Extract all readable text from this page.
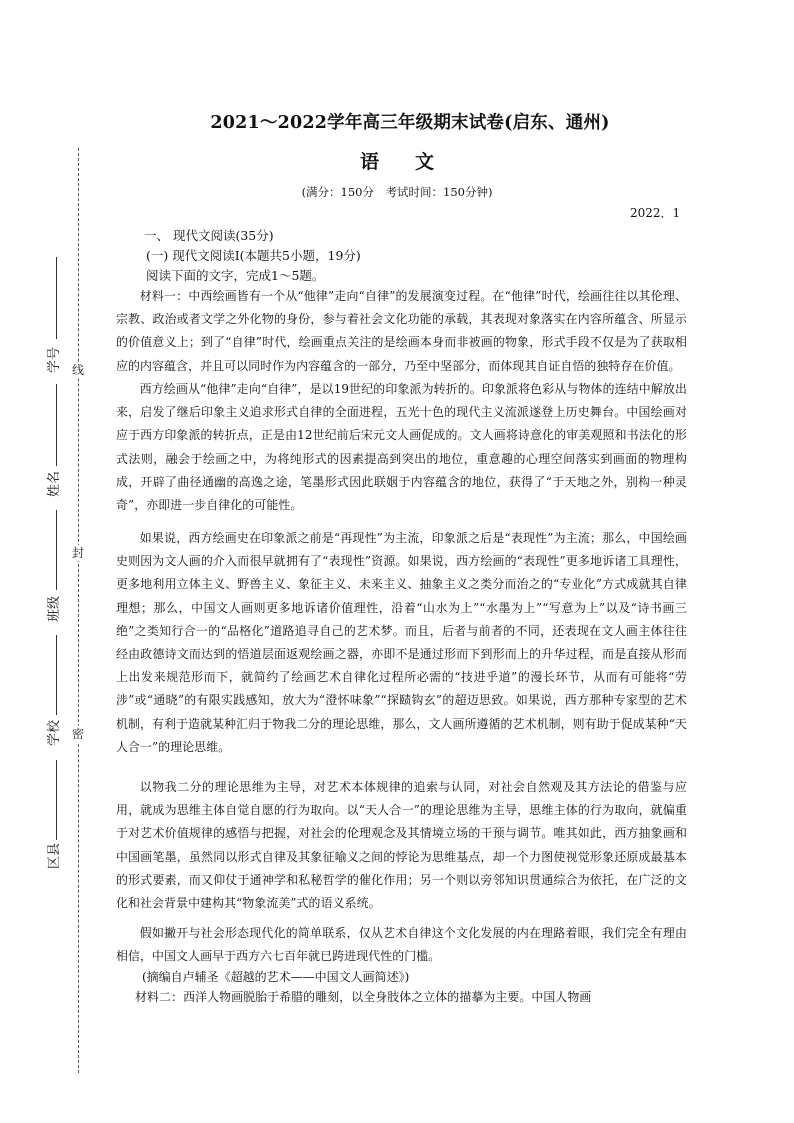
线
封
密
学号
姓名
班级
学校
区县
2021～2022学年高三年级期末试卷(启东、通州)
语文
(满分：150分　考试时间：150分钟)
2022．1
一、 现代文阅读(35分)
(一) 现代文阅读Ⅰ(本题共5小题，19分)
阅读下面的文字，完成1～5题。

材料一：中西绘画皆有一个从“他律”走向“自律”的发展演变过程。在“他律”时代，绘画往往以其伦理、宗教、政治或者文学之外化物的身份，参与着社会文化功能的承载，其表现对象落实在内容所蕴含、所显示的价值意义上；到了“自律”时代，绘画重点关注的是绘画本身而非被画的物象，形式手段不仅是为了获取相应的内容蕴含，并且可以同时作为内容蕴含的一部分，乃至中坚部分，而体现其自证自悟的独特存在价值。

西方绘画从“他律”走向“自律”，是以19世纪的印象派为转折的。印象派将色彩从与物体的连结中解放出来，启发了继后印象主义追求形式自律的全面进程，五光十色的现代主义流派遂登上历史舞台。中国绘画对应于西方印象派的转折点，正是由12世纪前后宋元文人画促成的。文人画将诗意化的审美观照和书法化的形式法则，融会于绘画之中，为将纯形式的因素提高到突出的地位，重意趣的心理空间落实到画面的物理构成，开辟了曲径通幽的高逸之途，笔墨形式因此联姻于内容蕴含的地位，获得了“于天地之外，别构一种灵奇”，亦即进一步自律化的可能性。

如果说，西方绘画史在印象派之前是“再现性”为主流，印象派之后是“表现性”为主流；那么，中国绘画史则因为文人画的介入而很早就拥有了“表现性”资源。如果说，西方绘画的“表现性”更多地诉诸工具理性，更多地利用立体主义、野兽主义、象征主义、未来主义、抽象主义之类分而治之的“专业化”方式成就其自律理想；那么，中国文人画则更多地诉诸价值理性，沿着“山水为上”“水墨为上”“写意为上”以及“诗书画三绝”之类知行合一的“品格化”道路追寻自己的艺术梦。而且，后者与前者的不同，还表现在文人画主体往往经由政德诗文而达到的悟道层面返观绘画之器，亦即不是通过形而下到形而上的升华过程，而是直接从形而上出发来规范形而下，就简约了绘画艺术自律化过程所必需的“技进乎道”的漫长环节，从而有可能将“劳涉”或“通晓”的有限实践感知，放大为“澄怀味象”“探赜钩玄”的超迈思致。如果说，西方那种专家型的艺术机制，有利于造就某种汇归于物我二分的理论思维，那么，文人画所遵循的艺术机制，则有助于促成某种“天人合一”的理论思维。

以物我二分的理论思维为主导，对艺术本体规律的追索与认同，对社会自然观及其方法论的借鉴与应用，就成为思维主体自觉自愿的行为取向。以“天人合一”的理论思维为主导，思维主体的行为取向，就偏重于对艺术价值规律的感悟与把握，对社会的伦理观念及其情境立场的干预与调节。唯其如此，西方抽象画和中国画笔墨，虽然同以形式自律及其象征喻义之间的悖论为思维基点，却一个力图使视觉形象还原成最基本的形式要素，而又仰仗于通神学和私秘哲学的催化作用；另一个则以旁邻知识贯通综合为依托，在广泛的文化和社会背景中建构其“物象流美”式的语义系统。

假如撇开与社会形态现代化的简单联系，仅从艺术自律这个文化发展的内在理路着眼，我们完全有理由相信，中国文人画早于西方六七百年就已跨进现代性的门槛。

(摘编自卢辅圣《超越的艺术——中国文人画简述》)

材料二：西洋人物画脱胎于希腊的雕刻，以全身肢体之立体的描摹为主要。中国人物画
